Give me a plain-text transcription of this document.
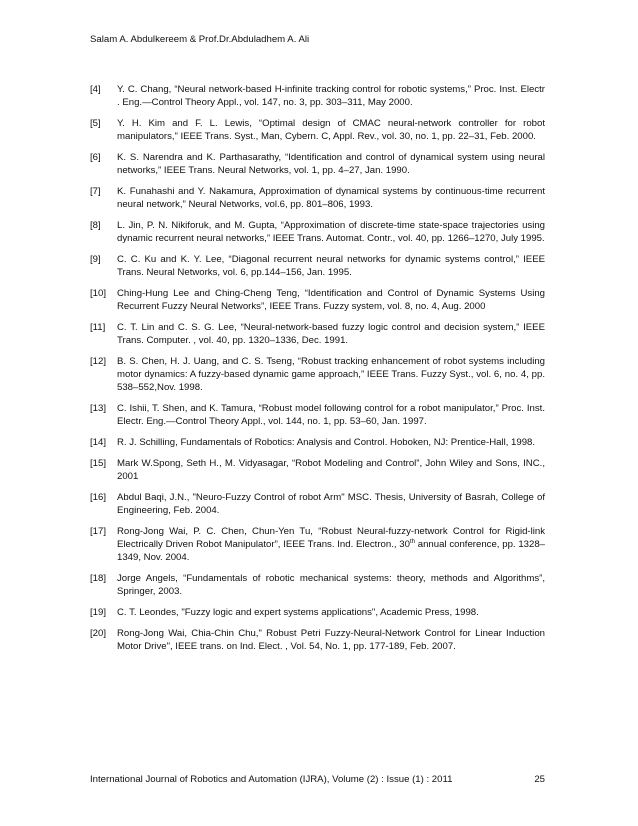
Salam A. Abdulkereem & Prof.Dr.Abduladhem A. Ali
[4] Y. C. Chang, “Neural network-based H-infinite tracking control for robotic systems,” Proc. Inst. Electr . Eng.—Control Theory Appl., vol. 147, no. 3, pp. 303–311, May 2000.
[5] Y. H. Kim and F. L. Lewis, “Optimal design of CMAC neural-network controller for robot manipulators,” IEEE Trans. Syst., Man, Cybern. C, Appl. Rev., vol. 30, no. 1, pp. 22–31, Feb. 2000.
[6] K. S. Narendra and K. Parthasarathy, “Identification and control of dynamical system using neural networks,” IEEE Trans. Neural Networks, vol. 1, pp. 4–27, Jan. 1990.
[7] K. Funahashi and Y. Nakamura, Approximation of dynamical systems by continuous-time recurrent neural network,” Neural Networks, vol.6, pp. 801–806, 1993.
[8] L. Jin, P. N. Nikiforuk, and M. Gupta, “Approximation of discrete-time state-space trajectories using dynamic recurrent neural networks,” IEEE Trans. Automat. Contr., vol. 40, pp. 1266–1270, July 1995.
[9] C. C. Ku and K. Y. Lee, “Diagonal recurrent neural networks for dynamic systems control,” IEEE Trans. Neural Networks, vol. 6, pp.144–156, Jan. 1995.
[10] Ching-Hung Lee and Ching-Cheng Teng, “Identification and Control of Dynamic Systems Using Recurrent Fuzzy Neural Networks”, IEEE Trans. Fuzzy system, vol. 8, no. 4, Aug. 2000
[11] C. T. Lin and C. S. G. Lee, “Neural-network-based fuzzy logic control and decision system,” IEEE Trans. Computer. , vol. 40, pp. 1320–1336, Dec. 1991.
[12] B. S. Chen, H. J. Uang, and C. S. Tseng, “Robust tracking enhancement of robot systems including motor dynamics: A fuzzy-based dynamic game approach,” IEEE Trans. Fuzzy Syst., vol. 6, no. 4, pp. 538–552,Nov. 1998.
[13] C. Ishii, T. Shen, and K. Tamura, “Robust model following control for a robot manipulator,” Proc. Inst. Electr. Eng.—Control Theory Appl., vol. 144, no. 1, pp. 53–60, Jan. 1997.
[14] R. J. Schilling, Fundamentals of Robotics: Analysis and Control. Hoboken, NJ: Prentice-Hall, 1998.
[15] Mark W.Spong, Seth H., M. Vidyasagar, “Robot Modeling and Control”, John Wiley and Sons, INC., 2001
[16] Abdul Baqi, J.N., "Neuro-Fuzzy Control of robot Arm" MSC. Thesis, University of Basrah, College of Engineering, Feb. 2004.
[17] Rong-Jong Wai, P. C. Chen, Chun-Yen Tu, “Robust Neural-fuzzy-network Control for Rigid-link Electrically Driven Robot Manipulator”, IEEE Trans. Ind. Electron., 30th annual conference, pp. 1328–1349, Nov. 2004.
[18] Jorge Angels, “Fundamentals of robotic mechanical systems: theory, methods and Algorithms”, Springer, 2003.
[19] C. T. Leondes, "Fuzzy logic and expert systems applications", Academic Press, 1998.
[20] Rong-Jong Wai, Chia-Chin Chu," Robust Petri Fuzzy-Neural-Network Control for Linear Induction Motor Drive", IEEE trans. on Ind. Elect. , Vol. 54, No. 1, pp. 177-189, Feb. 2007.
International Journal of Robotics and Automation (IJRA), Volume (2) : Issue (1) : 2011	25
